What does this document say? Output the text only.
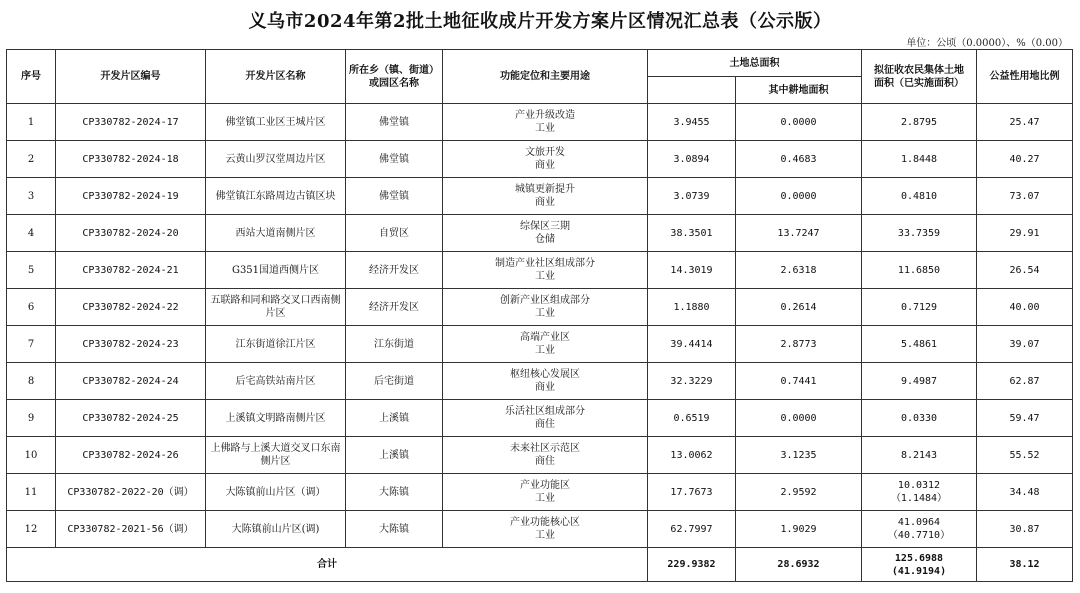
义乌市2024年第2批土地征收成片开发方案片区情况汇总表（公示版）
单位：公顷（0.0000）、%（0.00）
序号	开发片区编号	开发片区名称	所在乡（镇、街道）
或园区名称	功能定位和主要用途	土地总面积		拟征收农民集体土地
面积（已实施面积）	公益性用地比例
						其中耕地面积		

1	CP330782-2024-17	佛堂镇工业区王城片区	佛堂镇	产业升级改造
工业	3.9455	0.0000	2.8795	25.47

2	CP330782-2024-18	云黄山罗汉堂周边片区	佛堂镇	文旅开发
商业	3.0894	0.4683	1.8448	40.27

3	CP330782-2024-19	佛堂镇江东路周边古镇区块	佛堂镇	城镇更新提升
商业	3.0739	0.0000	0.4810	73.07

4	CP330782-2024-20	西站大道南侧片区	自贸区	综保区三期
仓储	38.3501	13.7247	33.7359	29.91

5	CP330782-2024-21	G351国道西侧片区	经济开发区	制造产业社区组成部分
工业	14.3019	2.6318	11.6850	26.54

6	CP330782-2024-22	五联路和同和路交叉口西南侧片区	经济开发区	创新产业区组成部分
工业	1.1880	0.2614	0.7129	40.00

7	CP330782-2024-23	江东街道徐江片区	江东街道	高端产业区
工业	39.4414	2.8773	5.4861	39.07

8	CP330782-2024-24	后宅高铁站南片区	后宅街道	枢纽核心发展区
商业	32.3229	0.7441	9.4987	62.87

9	CP330782-2024-25	上溪镇文明路南侧片区	上溪镇	乐活社区组成部分
商住	0.6519	0.0000	0.0330	59.47

10	CP330782-2024-26	上佛路与上溪大道交叉口东南侧片区	上溪镇	未来社区示范区
商住	13.0062	3.1235	8.2143	55.52

11	CP330782-2022-20（调）	大陈镇前山片区（调）	大陈镇	产业功能区
工业	17.7673	2.9592	10.0312
（1.1484）	34.48

12	CP330782-2021-56（调）	大陈镇前山片区(调)	大陈镇	产业功能核心区
工业	62.7997	1.9029	41.0964
（40.7710）	30.87

合计					229.9382	28.6932	125.6988
(41.9194)	38.12
